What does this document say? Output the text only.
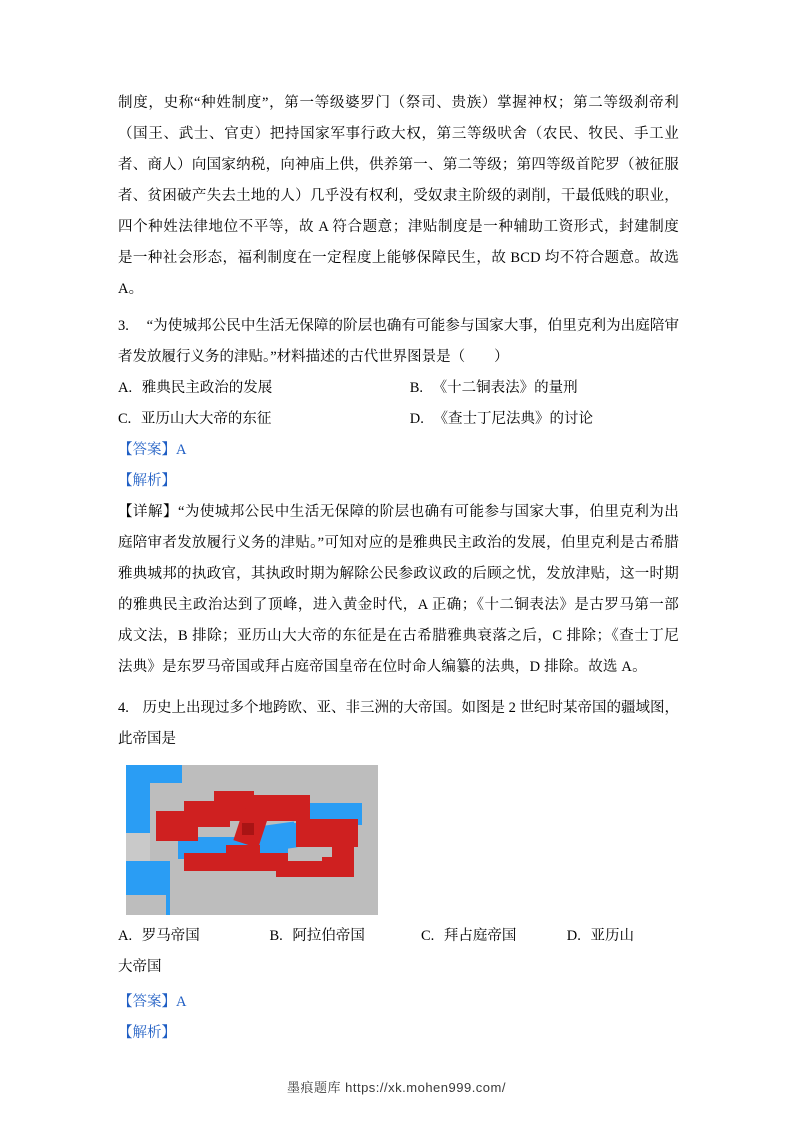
制度，史称“种姓制度”，第一等级婆罗门（祭司、贵族）掌握神权；第二等级刹帝利（国王、武士、官吏）把持国家军事行政大权，第三等级吠舍（农民、牧民、手工业者、商人）向国家纳税，向神庙上供，供养第一、第二等级；第四等级首陀罗（被征服者、贫困破产失去土地的人）几乎没有权利，受奴隶主阶级的剥削，干最低贱的职业，四个种姓法律地位不平等，故 A 符合题意；津贴制度是一种辅助工资形式，封建制度是一种社会形态，福利制度在一定程度上能够保障民生，故 BCD 均不符合题意。故选 A。

3. “为使城邦公民中生活无保障的阶层也确有可能参与国家大事，伯里克利为出庭陪审者发放履行义务的津贴。”材料描述的古代世界图景是（　　）
A. 雅典民主政治的发展	B. 《十二铜表法》的量刑
C. 亚历山大大帝的东征	D. 《查士丁尼法典》的讨论
【答案】A
【解析】

【详解】“为使城邦公民中生活无保障的阶层也确有可能参与国家大事，伯里克利为出庭陪审者发放履行义务的津贴。”可知对应的是雅典民主政治的发展，伯里克利是古希腊雅典城邦的执政官，其执政时期为解除公民参政议政的后顾之忧，发放津贴，这一时期的雅典民主政治达到了顶峰，进入黄金时代，A 正确；《十二铜表法》是古罗马第一部成文法，B 排除；亚历山大大帝的东征是在古希腊雅典衰落之后，C 排除；《查士丁尼法典》是东罗马帝国或拜占庭帝国皇帝在位时命人编纂的法典，D 排除。故选 A。

4. 历史上出现过多个地跨欧、亚、非三洲的大帝国。如图是 2 世纪时某帝国的疆域图，此帝国是
A. 罗马帝国	B. 阿拉伯帝国	C. 拜占庭帝国	D. 亚历山
大帝国
【答案】A
【解析】
墨痕题库 https://xk.mohen999.com/
